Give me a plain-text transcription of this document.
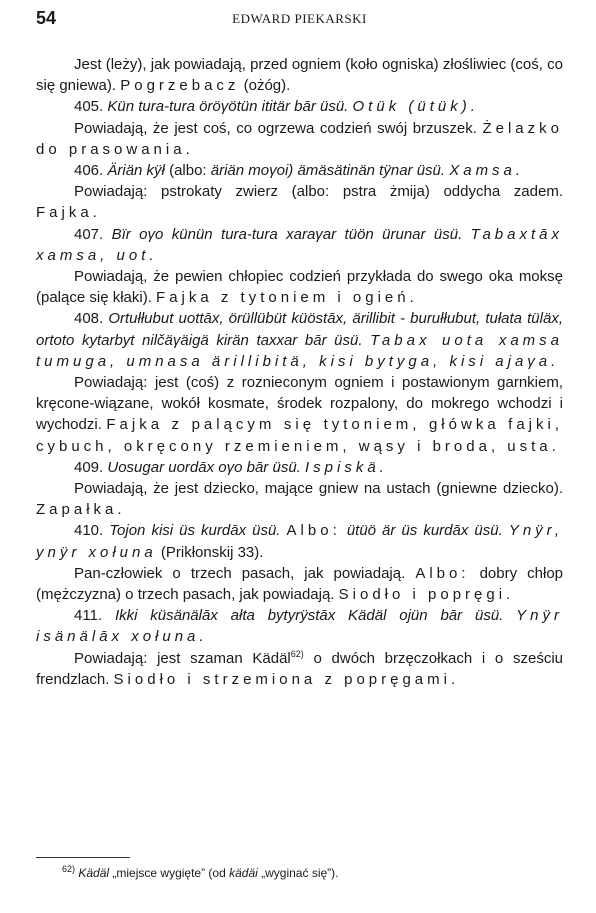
54	EDWARD PIEKARSKI

Jest (leży), jak powiadają, przed ogniem (koło ogniska) złośliwiec (coś, co się gniewa). Pogrzebacz (ożóg).

405. Kün tura-tura öröγötün ititär bār üsü. Otük (ütük).

Powiadają, że jest coś, co ogrzewa codzień swój brzuszek. Żelazko do prasowania.

406. Äriän kÿł (albo: äriän moγoi) ämäsätinän tÿnar üsü. Xamsa.

Powiadają: pstrokaty zwierz (albo: pstra żmija) oddycha zadem. Fajka.

407. Bïr oγo künün tura-tura xaraγar tüön ürunar üsü. Tabaxtāx xamsa, uot.

Powiadają, że pewien chłopiec codzień przykłada do swego oka moksę (palące się kłaki). Fajka z tytoniem i ogień.

408. Ortułłubut uottāx, örüllübüt küöstāx, ärillibit - burułłubut, tułata tüläx, ortoto kytarbyt nilčäγäigä kirän taxxar bār üsü. Tabax uota xamsa tumuga, umnasa ärillibitä, kisi bytyga, kisi ajaγa.

Powiadają: jest (coś) z roznieconym ogniem i postawionym garnkiem, kręcone-wiązane, wokół kosmate, środek rozpalony, do mokrego wchodzi i wychodzi. Fajka z palącym się tytoniem, główka fajki, cybuch, okręcony rzemieniem, wąsy i broda, usta.

409. Uosugar uordāx oγo bār üsü. Ispiskä.

Powiadają, że jest dziecko, mające gniew na ustach (gniewne dziecko). Zapałka.

410. Tojon kisi üs kurdāx üsü. Albo: ütüö är üs kurdāx üsü. Ynÿr, ynÿr xołuna (Prikłonskij 33).

Pan-człowiek o trzech pasach, jak powiadają. Albo: dobry chłop (mężczyzna) o trzech pasach, jak powiadają. Siodło i popręgi.

411. Ikki küsänälāx ałta bytyrÿstāx Kädäl ojün bār üsü. Ynÿr isänälāx xołuna.

Powiadają: jest szaman Kädäl$^{62)}$ o dwóch brzęczołkach i o sześciu frendzlach. Siodło i strzemiona z popręgami.

$^{62)}$ Kädäl „miejsce wygięte” (od kädäi „wyginać się”).
